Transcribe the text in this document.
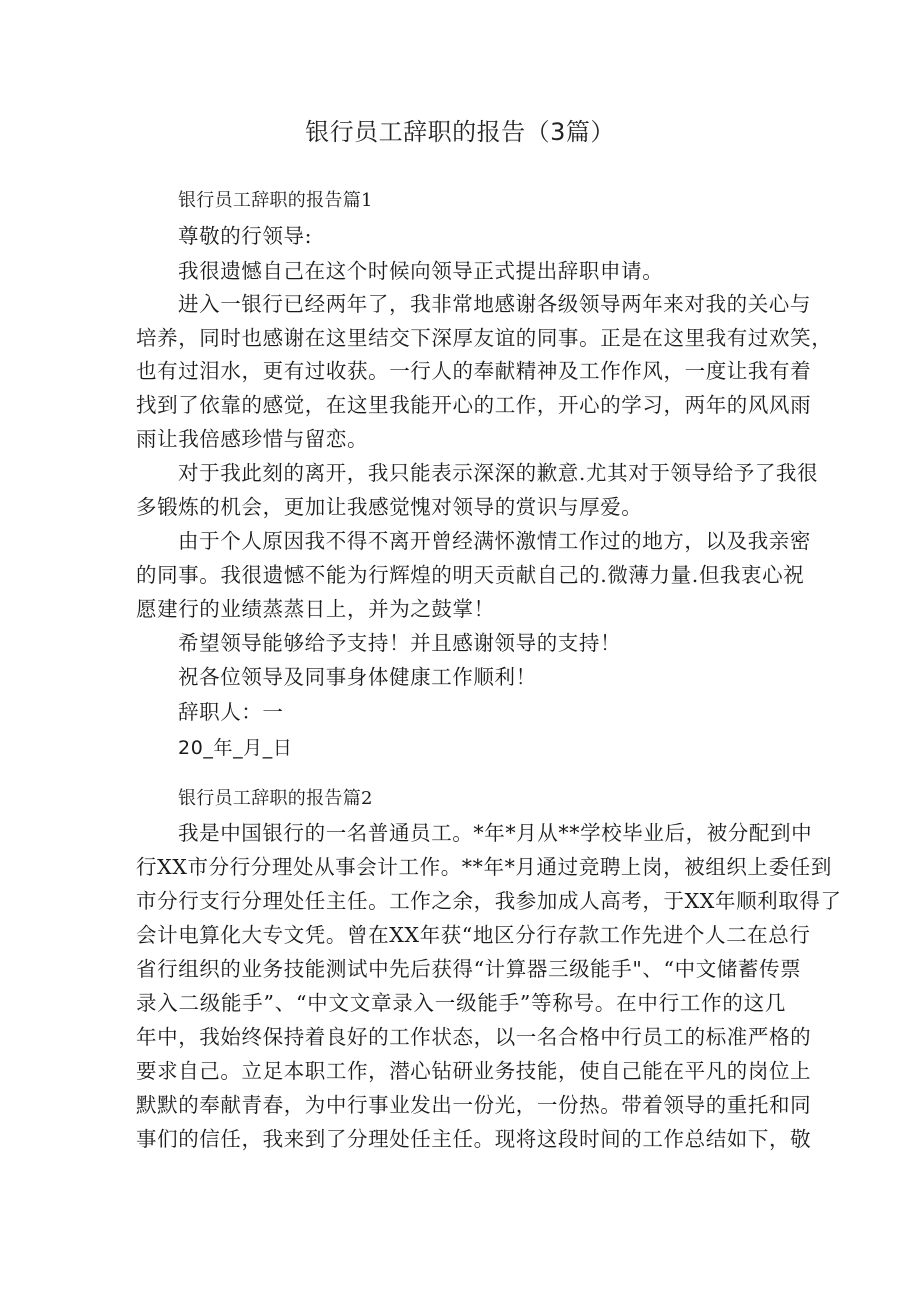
银行员工辞职的报告（3篇）
银行员工辞职的报告篇1
尊敬的行领导:
我很遗憾自己在这个时候向领导正式提出辞职申请。
进入一银行已经两年了，我非常地感谢各级领导两年来对我的关心与
培养，同时也感谢在这里结交下深厚友谊的同事。正是在这里我有过欢笑，
也有过泪水，更有过收获。一行人的奉献精神及工作作风，一度让我有着
找到了依靠的感觉，在这里我能开心的工作，开心的学习，两年的风风雨
雨让我倍感珍惜与留恋。
对于我此刻的离开，我只能表示深深的歉意.尤其对于领导给予了我很
多锻炼的机会，更加让我感觉愧对领导的赏识与厚爱。
由于个人原因我不得不离开曾经满怀激情工作过的地方，以及我亲密
的同事。我很遗憾不能为行辉煌的明天贡献自己的.微薄力量.但我衷心祝
愿建行的业绩蒸蒸日上，并为之鼓掌！
希望领导能够给予支持！并且感谢领导的支持！
祝各位领导及同事身体健康工作顺利！
辞职人：一
20_年_月_日
银行员工辞职的报告篇2
我是中国银行的一名普通员工。*年*月从**学校毕业后，被分配到中
行XX市分行分理处从事会计工作。**年*月通过竞聘上岗，被组织上委任到
市分行支行分理处任主任。工作之余，我参加成人高考，于XX年顺利取得了
会计电算化大专文凭。曾在XX年获“地区分行存款工作先进个人二在总行
省行组织的业务技能测试中先后获得“计算器三级能手"、“中文储蓄传票
录入二级能手”、“中文文章录入一级能手”等称号。在中行工作的这几
年中，我始终保持着良好的工作状态，以一名合格中行员工的标准严格的
要求自己。立足本职工作，潜心钻研业务技能，使自己能在平凡的岗位上
默默的奉献青春，为中行事业发出一份光，一份热。带着领导的重托和同
事们的信任，我来到了分理处任主任。现将这段时间的工作总结如下，敬
